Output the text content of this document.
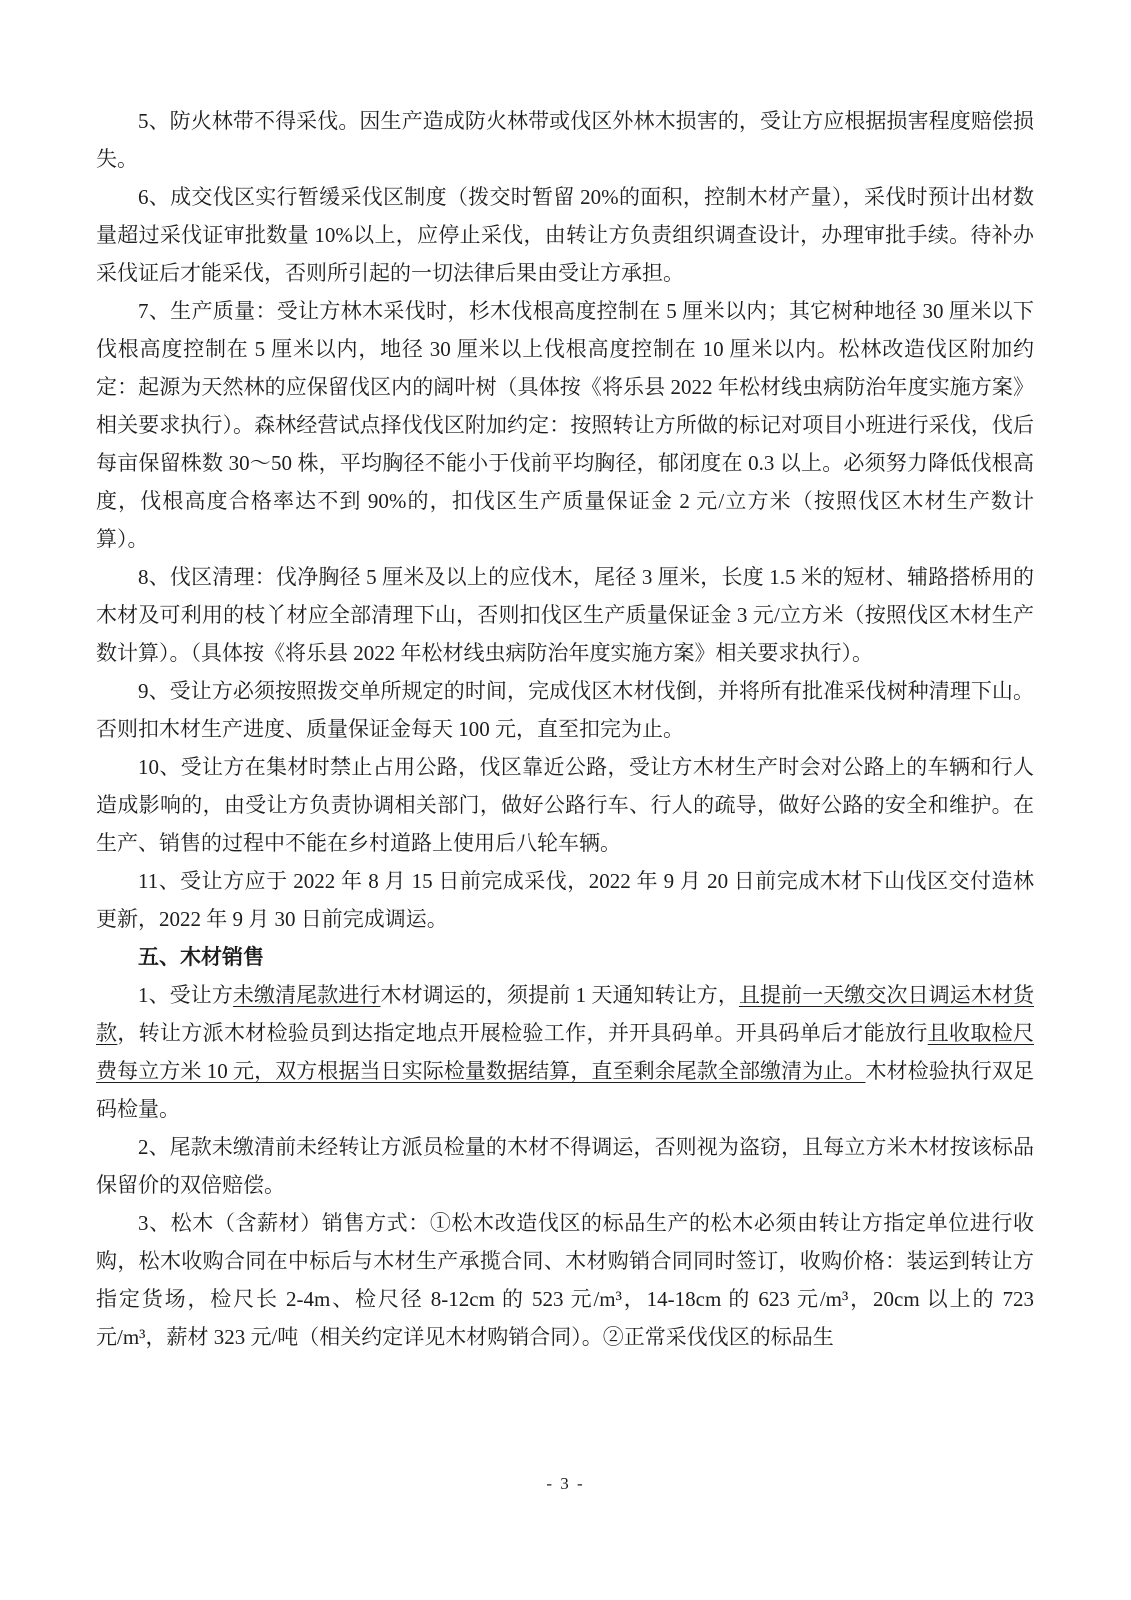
5、防火林带不得采伐。因生产造成防火林带或伐区外林木损害的，受让方应根据损害程度赔偿损失。

6、成交伐区实行暂缓采伐区制度（拨交时暂留 20%的面积，控制木材产量），采伐时预计出材数量超过采伐证审批数量 10%以上，应停止采伐，由转让方负责组织调查设计，办理审批手续。待补办采伐证后才能采伐，否则所引起的一切法律后果由受让方承担。

7、生产质量：受让方林木采伐时，杉木伐根高度控制在 5 厘米以内；其它树种地径 30 厘米以下伐根高度控制在 5 厘米以内，地径 30 厘米以上伐根高度控制在 10 厘米以内。松林改造伐区附加约定：起源为天然林的应保留伐区内的阔叶树（具体按《将乐县 2022 年松材线虫病防治年度实施方案》相关要求执行）。森林经营试点择伐伐区附加约定：按照转让方所做的标记对项目小班进行采伐，伐后每亩保留株数 30～50 株，平均胸径不能小于伐前平均胸径，郁闭度在 0.3 以上。必须努力降低伐根高度，伐根高度合格率达不到 90%的，扣伐区生产质量保证金 2 元/立方米（按照伐区木材生产数计算）。

8、伐区清理：伐净胸径 5 厘米及以上的应伐木，尾径 3 厘米，长度 1.5 米的短材、辅路搭桥用的木材及可利用的枝丫材应全部清理下山，否则扣伐区生产质量保证金 3 元/立方米（按照伐区木材生产数计算）。（具体按《将乐县 2022 年松材线虫病防治年度实施方案》相关要求执行）。

9、受让方必须按照拨交单所规定的时间，完成伐区木材伐倒，并将所有批准采伐树种清理下山。否则扣木材生产进度、质量保证金每天 100 元，直至扣完为止。

10、受让方在集材时禁止占用公路，伐区靠近公路，受让方木材生产时会对公路上的车辆和行人造成影响的，由受让方负责协调相关部门，做好公路行车、行人的疏导，做好公路的安全和维护。在生产、销售的过程中不能在乡村道路上使用后八轮车辆。

11、受让方应于 2022 年 8 月 15 日前完成采伐，2022 年 9 月 20 日前完成木材下山伐区交付造林更新，2022 年 9 月 30 日前完成调运。

五、木材销售

1、受让方未缴清尾款进行木材调运的，须提前 1 天通知转让方，且提前一天缴交次日调运木材货款，转让方派木材检验员到达指定地点开展检验工作，并开具码单。开具码单后才能放行且收取检尺费每立方米 10 元，双方根据当日实际检量数据结算，直至剩余尾款全部缴清为止。木材检验执行双足码检量。

2、尾款未缴清前未经转让方派员检量的木材不得调运，否则视为盗窃，且每立方米木材按该标品保留价的双倍赔偿。

3、松木（含薪材）销售方式：①松木改造伐区的标品生产的松木必须由转让方指定单位进行收购，松木收购合同在中标后与木材生产承揽合同、木材购销合同同时签订，收购价格：装运到转让方指定货场，检尺长 2-4m、检尺径 8-12cm 的 523 元/m³，14-18cm 的 623 元/m³，20cm 以上的 723 元/m³，薪材 323 元/吨（相关约定详见木材购销合同）。②正常采伐伐区的标品生

- 3 -
